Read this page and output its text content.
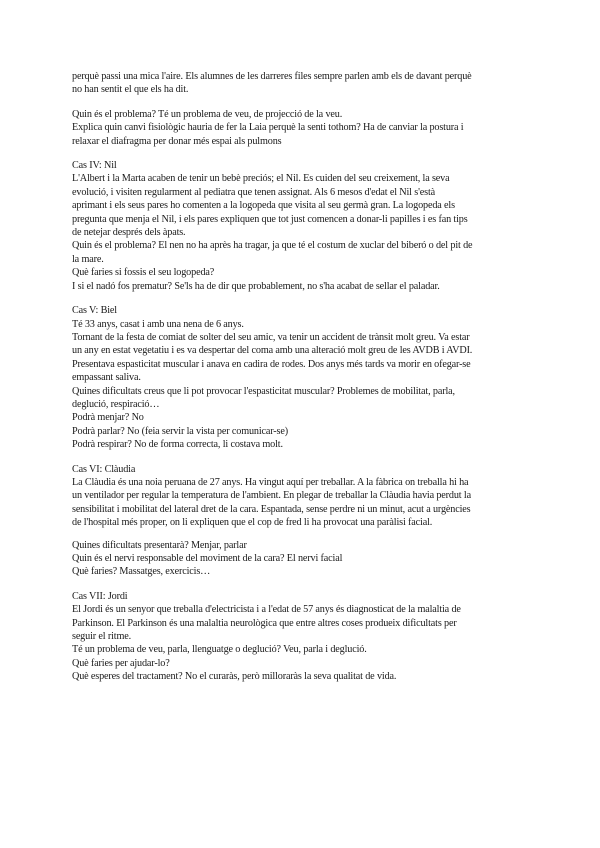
perquè passi una mica l'aire. Els alumnes de les darreres files sempre parlen amb els de davant perquè

no han sentit el que els ha dit.

Quin és el problema? Té un problema de veu, de projecció de la veu.

Explica quin canvi fisiològic hauria de fer la Laia perquè la senti tothom? Ha de canviar la postura i

relaxar el diafragma per donar més espai als pulmons

Cas IV: Nil

L'Albert i la Marta acaben de tenir un bebè preciós; el Nil. Es cuiden del seu creixement, la seva

evolució, i visiten regularment al pediatra que tenen assignat. Als 6 mesos d'edat el Nil s'està

aprimant i els seus pares ho comenten a la logopeda que visita al seu germà gran. La logopeda els

pregunta que menja el Nil, i els pares expliquen que tot just comencen a donar-li papilles i es fan tips

de netejar després dels àpats.

Quin és el problema? El nen no ha après ha tragar, ja que té el costum de xuclar del biberó o del pit de

la mare.

Què faries si fossis el seu logopeda?

I si el nadó fos prematur? Se'ls ha de dir que probablement, no s'ha acabat de sellar el paladar.

Cas V: Biel

Té 33 anys, casat i amb una nena de 6 anys.

Tornant de la festa de comiat de solter del seu amic, va tenir un accident de trànsit molt greu. Va estar

un any en estat vegetatiu i es va despertar del coma amb una alteració molt greu de les AVDB i AVDI.

Presentava espasticitat muscular i anava en cadira de rodes. Dos anys més tards va morir en ofegar-se

empassant saliva.

Quines dificultats creus que li pot provocar l'espasticitat muscular? Problemes de mobilitat, parla,

deglució, respiració…

Podrà menjar? No

Podrà parlar? No (feia servir la vista per comunicar-se)

Podrà respirar? No de forma correcta, li costava molt.

Cas VI: Clàudia

La Clàudia és una noia peruana de 27 anys. Ha vingut aquí per treballar. A la fàbrica on treballa hi ha

un ventilador per regular la temperatura de l'ambient. En plegar de treballar la Clàudia havia perdut la

sensibilitat i mobilitat del lateral dret de la cara. Espantada, sense perdre ni un minut, acut a urgències

de l'hospital més proper, on li expliquen que el cop de fred li ha provocat una paràlisi facial.

Quines dificultats presentarà? Menjar, parlar

Quin és el nervi responsable del moviment de la cara? El nervi facial

Què faries? Massatges, exercicis…

Cas VII: Jordi

El Jordi és un senyor que treballa d'electricista i a l'edat de 57 anys és diagnosticat de la malaltia de

Parkinson. El Parkinson és una malaltia neurològica que entre altres coses produeix dificultats per

seguir el ritme.

Té un problema de veu, parla, llenguatge o deglució? Veu, parla i deglució.

Què faries per ajudar-lo?

Què esperes del tractament? No el curaràs, però milloraràs la seva qualitat de vida.
